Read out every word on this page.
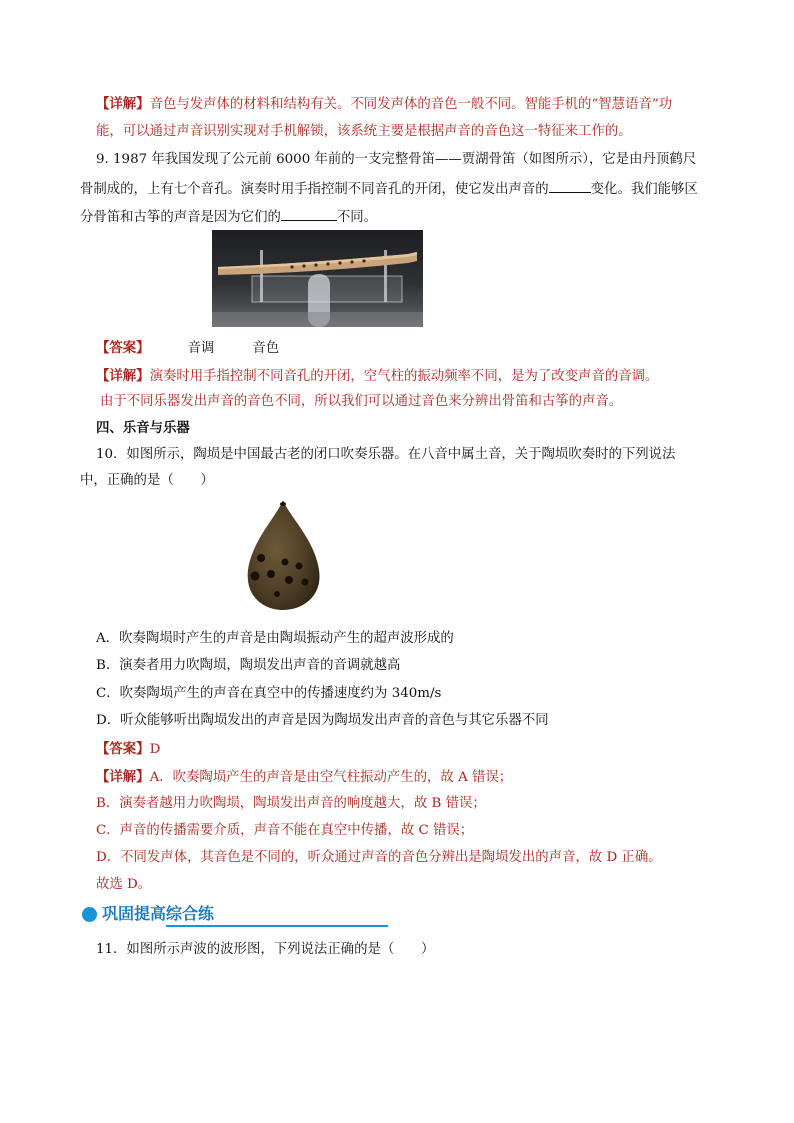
【详解】音色与发声体的材料和结构有关。不同发声体的音色一般不同。智能手机的“智慧语音”功
能，可以通过声音识别实现对手机解锁，该系统主要是根据声音的音色这一特征来工作的。
9. 1987 年我国发现了公元前 6000 年前的一支完整骨笛——贾湖骨笛（如图所示），它是由丹顶鹤尺
骨制成的，上有七个音孔。演奏时用手指控制不同音孔的开闭，使它发出声音的	变化。我们能够区
分骨笛和古筝的声音是因为它们的	不同。
【答案】	音调	音色
【详解】演奏时用手指控制不同音孔的开闭，空气柱的振动频率不同，是为了改变声音的音调。
由于不同乐器发出声音的音色不同，所以我们可以通过音色来分辨出骨笛和古筝的声音。
四、乐音与乐器
10．如图所示，陶埙是中国最古老的闭口吹奏乐器。在八音中属土音，关于陶埙吹奏时的下列说法
中，正确的是（　　）
A．吹奏陶埙时产生的声音是由陶埙振动产生的超声波形成的
B．演奏者用力吹陶埙，陶埙发出声音的音调就越高
C．吹奏陶埙产生的声音在真空中的传播速度约为 340m/s
D．听众能够听出陶埙发出的声音是因为陶埙发出声音的音色与其它乐器不同
【答案】D
【详解】A．吹奏陶埙产生的声音是由空气柱振动产生的，故 A 错误；
B．演奏者越用力吹陶埙，陶埙发出声音的响度越大，故 B 错误；
C．声音的传播需要介质，声音不能在真空中传播，故 C 错误；
D．不同发声体，其音色是不同的，听众通过声音的音色分辨出是陶埙发出的声音，故 D 正确。
故选 D。
巩固提高综合练
11．如图所示声波的波形图，下列说法正确的是（　　）
